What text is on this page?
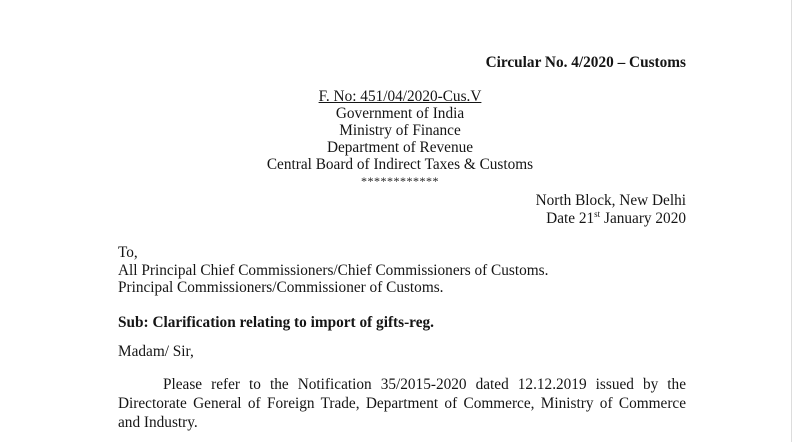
Circular No. 4/2020 – Customs
F. No: 451/04/2020-Cus.V
Government of India
Ministry of Finance
Department of Revenue
Central Board of Indirect Taxes & Customs
************
North Block, New Delhi
Date 21st January 2020
To,
All Principal Chief Commissioners/Chief Commissioners of Customs.
Principal Commissioners/Commissioner of Customs.
Sub: Clarification relating to import of gifts-reg.
Madam/ Sir,
Please refer to the Notification 35/2015-2020 dated 12.12.2019 issued by the Directorate General of Foreign Trade, Department of Commerce, Ministry of Commerce and Industry.
